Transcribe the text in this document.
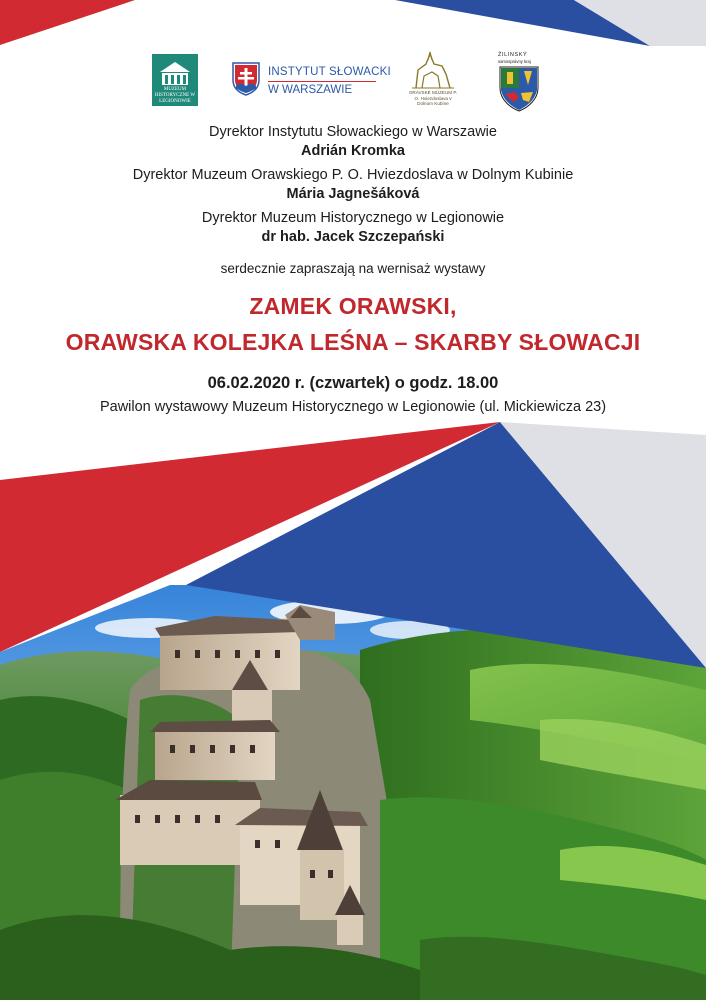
MUZEUM HISTORYCZNE W LEGIONOWIE
INSTYTUT SŁOWACKI
W WARSZAWIE	ORAVSKÉ MÚZEUM P. O. Hviezdoslava v Dolnom Kubíne
ŽILINSKÝ
samosprávny kraj
Dyrektor Instytutu Słowackiego w Warszawie
Adrián Kromka
Dyrektor Muzeum Orawskiego P. O. Hviezdoslava w Dolnym Kubinie
Mária Jagnešáková
Dyrektor Muzeum Historycznego w Legionowie
dr hab. Jacek Szczepański
serdecznie zapraszają na wernisaż wystawy
ZAMEK ORAWSKI,
ORAWSKA KOLEJKA LEŚNA – SKARBY SŁOWACJI
06.02.2020 r. (czwartek) o godz. 18.00
Pawilon wystawowy Muzeum Historycznego w Legionowie (ul. Mickiewicza 23)
